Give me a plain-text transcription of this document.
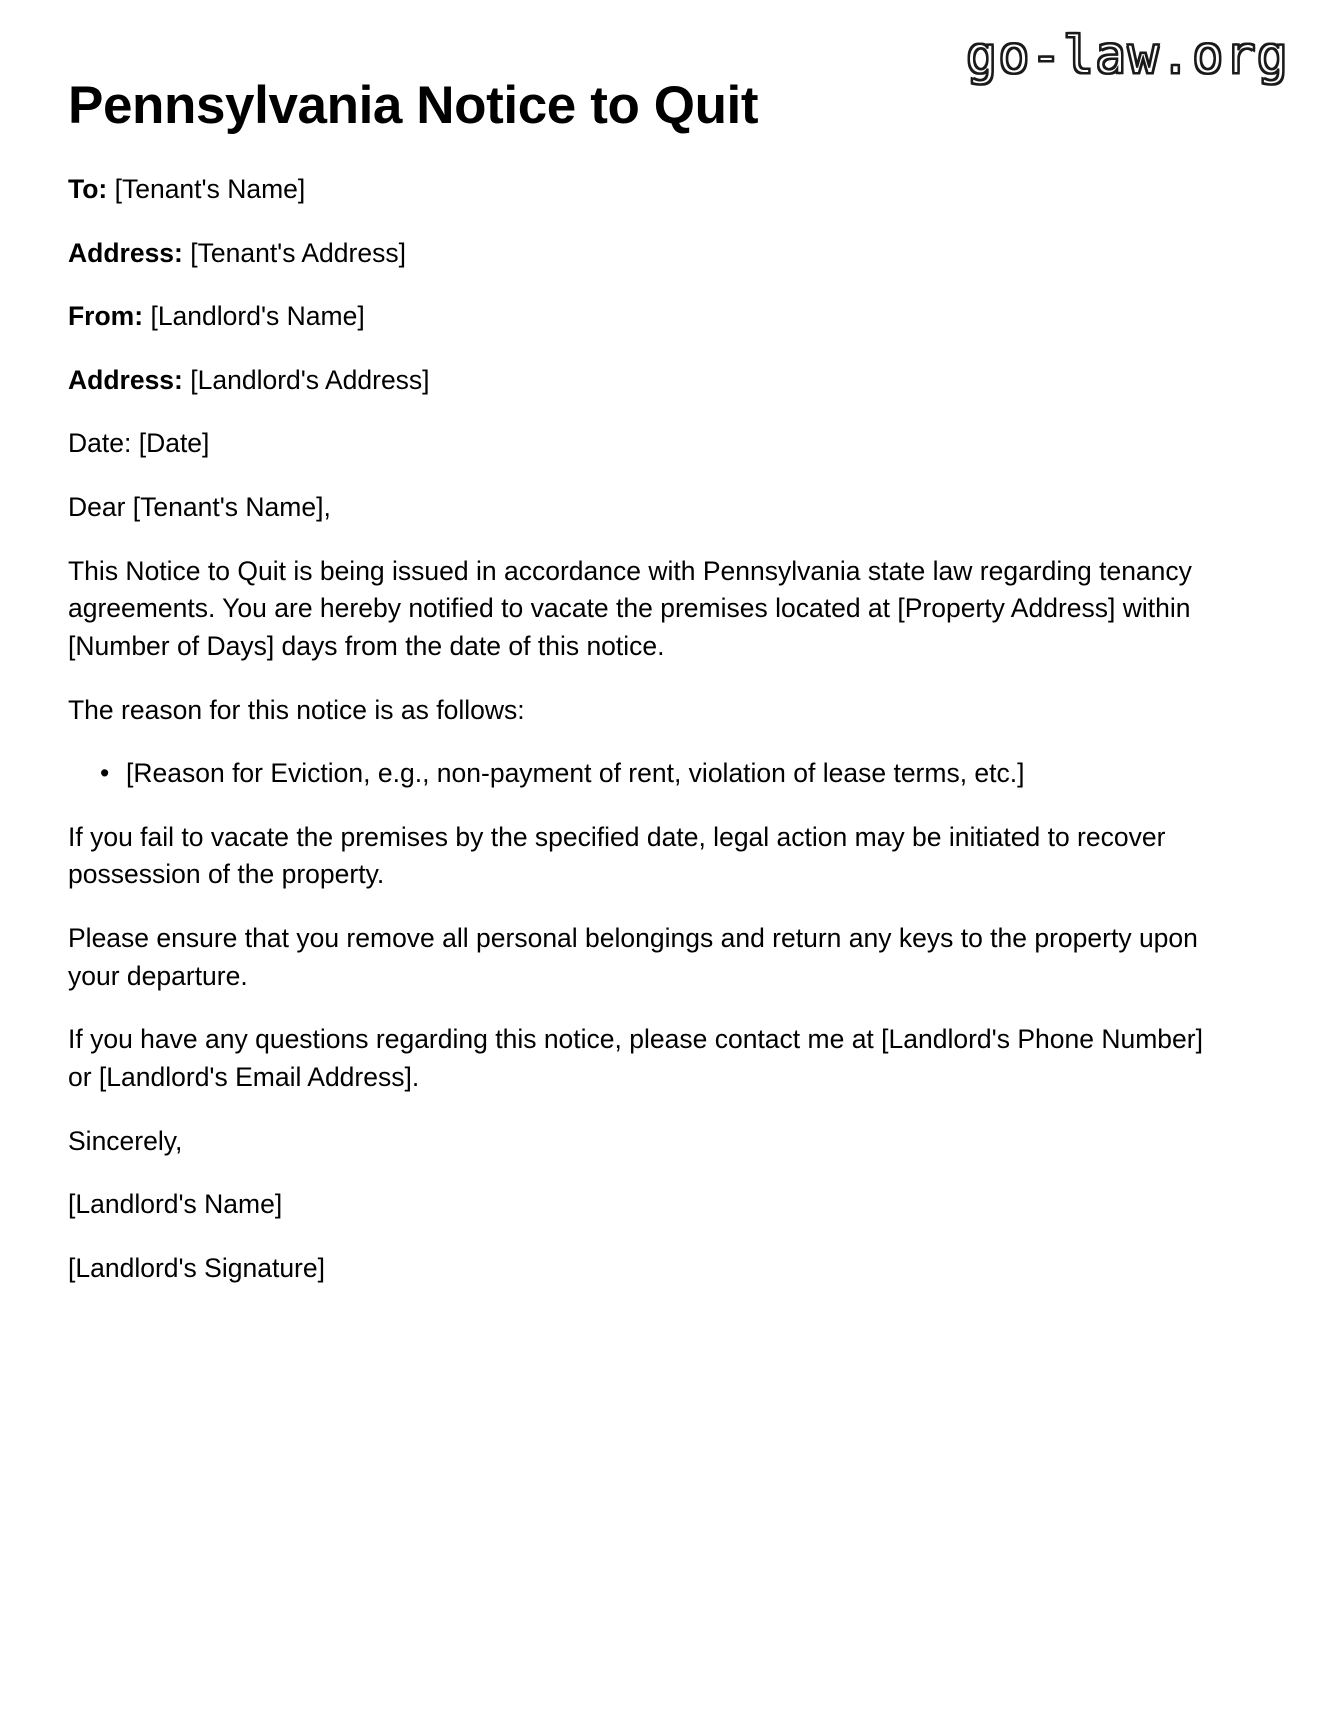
go-law.org
Pennsylvania Notice to Quit

To: [Tenant's Name]

Address: [Tenant's Address]

From: [Landlord's Name]

Address: [Landlord's Address]

Date: [Date]

Dear [Tenant's Name],

This Notice to Quit is being issued in accordance with Pennsylvania state law regarding tenancy agreements. You are hereby notified to vacate the premises located at [Property Address] within [Number of Days] days from the date of this notice.

The reason for this notice is as follows:

• [Reason for Eviction, e.g., non-payment of rent, violation of lease terms, etc.]

If you fail to vacate the premises by the specified date, legal action may be initiated to recover possession of the property.

Please ensure that you remove all personal belongings and return any keys to the property upon your departure.

If you have any questions regarding this notice, please contact me at [Landlord's Phone Number] or [Landlord's Email Address].

Sincerely,

[Landlord's Name]

[Landlord's Signature]
